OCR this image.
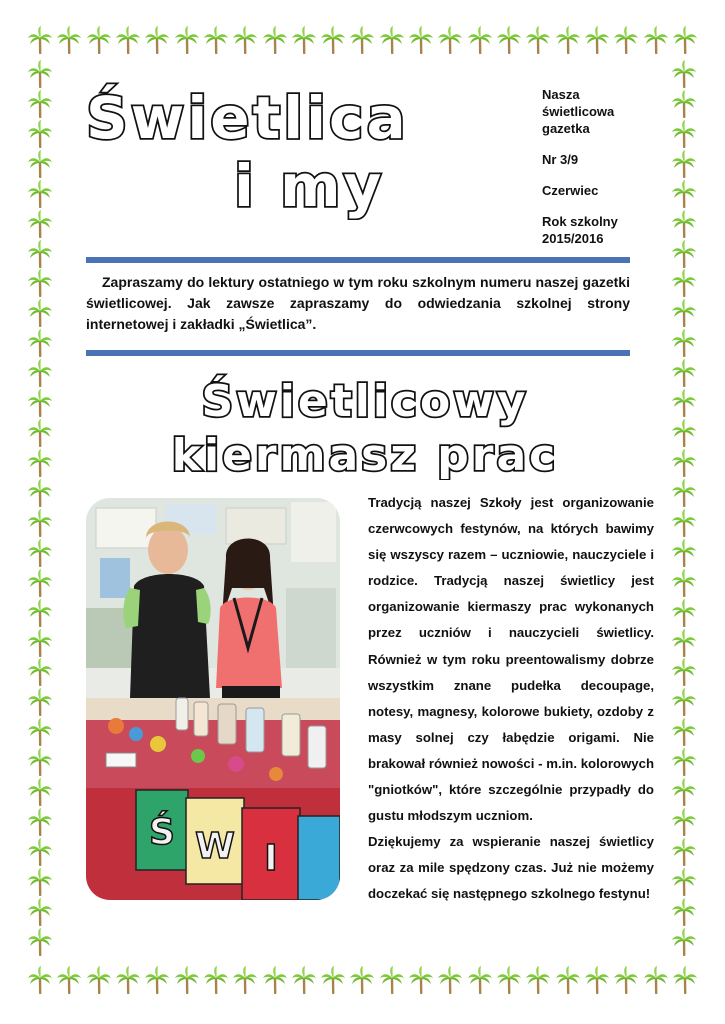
Świetlica
i my
Nasza
świetlicowa
gazetka
Nr 3/9
Czerwiec
Rok szkolny
2015/2016
Zapraszamy do lektury ostatniego w tym roku szkolnym numeru naszej gazetki świetlicowej. Jak zawsze zapraszamy do odwiedzania szkolnej strony internetowej i zakładki „Świetlica”.
Świetlicowy
kiermasz prac
Ś W I

Tradycją naszej Szkoły jest organizowanie czerwcowych festynów, na których bawimy się wszyscy razem – uczniowie, nauczyciele i rodzice. Tradycją naszej świetlicy jest organizowanie kiermaszy prac wykonanych przez uczniów i nauczycieli świetlicy. Również w tym roku preentowalismy dobrze wszystkim znane pudełka decoupage, notesy, magnesy, kolorowe bukiety, ozdoby z masy solnej czy łabędzie origami. Nie brakował również nowości - m.in. kolorowych "gniotków", które szczególnie przypadły do gustu młodszym uczniom.

Dziękujemy za wspieranie naszej świetlicy oraz za mile spędzony czas. Już nie możemy doczekać się następnego szkolnego festynu!
